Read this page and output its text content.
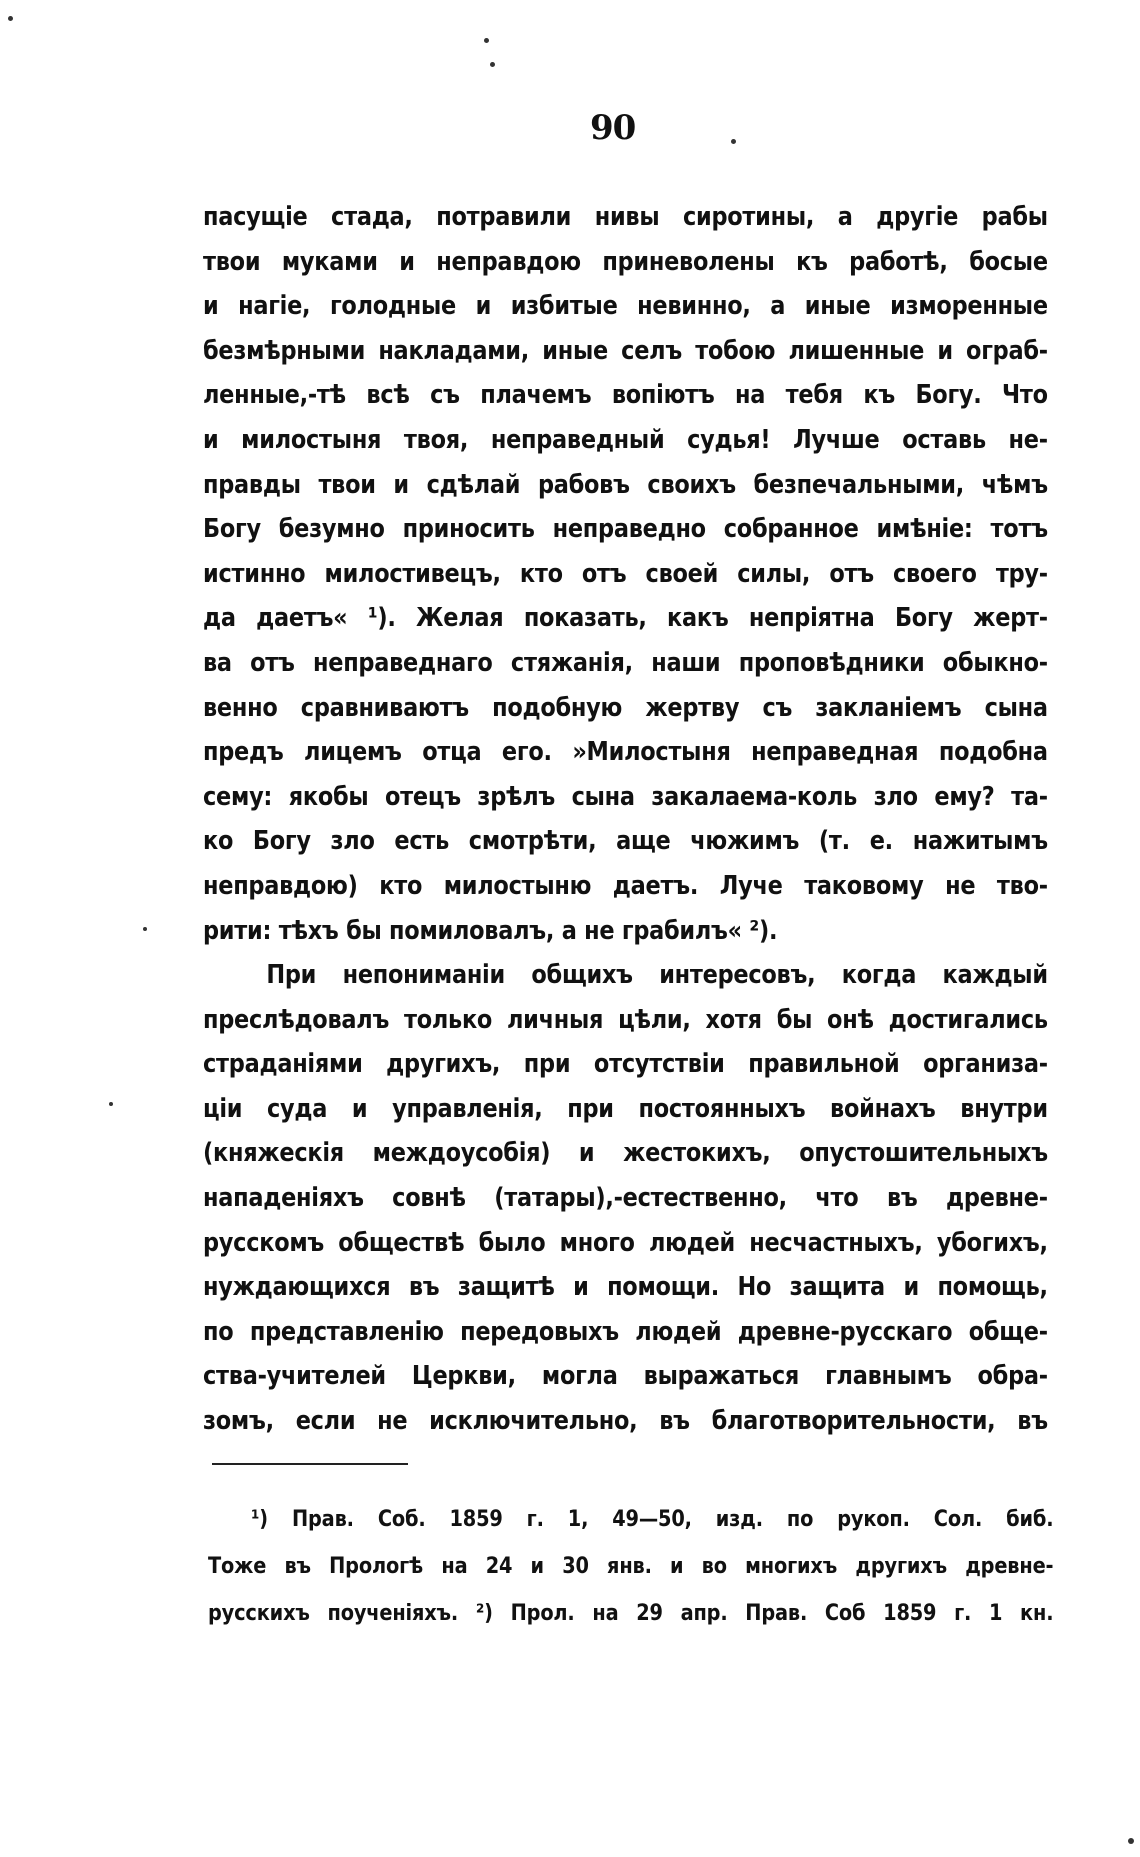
90
пасущіе стада, потравили нивы сиротины, а другіе рабы
твои муками и неправдою приневолены къ работѣ, босые
и нагіе, голодные и избитые невинно, а иные изморенные
безмѣрными накладами, иные селъ тобою лишенные и ограб-
ленные,-тѣ всѣ съ плачемъ вопіютъ на тебя къ Богу. Что
и милостыня твоя, неправедный судья! Лучше оставь не-
правды твои и сдѣлай рабовъ своихъ безпечальными, чѣмъ
Богу безумно приносить неправедно собранное имѣніе: тотъ
истинно милостивецъ, кто отъ своей силы, отъ своего тру-
да даетъ« ¹). Желая показать, какъ непріятна Богу жерт-
ва отъ неправеднаго стяжанія, наши проповѣдники обыкно-
венно сравниваютъ подобную жертву съ закланіемъ сына
предъ лицемъ отца его. »Милостыня неправедная подобна
сему: якобы отецъ зрѣлъ сына закалаема-коль зло ему? та-
ко Богу зло есть смотрѣти, аще чюжимъ (т. е. нажитымъ
неправдою) кто милостыню даетъ. Луче таковому не тво-
рити: тѣхъ бы помиловалъ, а не грабилъ« ²).
При непониманіи общихъ интересовъ, когда каждый
преслѣдовалъ только личныя цѣли, хотя бы онѣ достигались
страданіями другихъ, при отсутствіи правильной организа-
ціи суда и управленія, при постоянныхъ войнахъ внутри
(княжескія междоусобія) и жестокихъ, опустошительныхъ
нападеніяхъ совнѣ (татары),-естественно, что въ древне-
русскомъ обществѣ было много людей несчастныхъ, убогихъ,
нуждающихся въ защитѣ и помощи. Но защита и помощь,
по представленію передовыхъ людей древне-русскаго обще-
ства-учителей Церкви, могла выражаться главнымъ обра-
зомъ, если не исключительно, въ благотворительности, въ
¹) Прав. Соб. 1859 г. 1, 49—50, изд. по рукоп. Сол. биб.
Тоже въ Прологѣ на 24 и 30 янв. и во многихъ другихъ древне-
русскихъ поученіяхъ. ²) Прол. на 29 апр. Прав. Соб 1859 г. 1 кн.
